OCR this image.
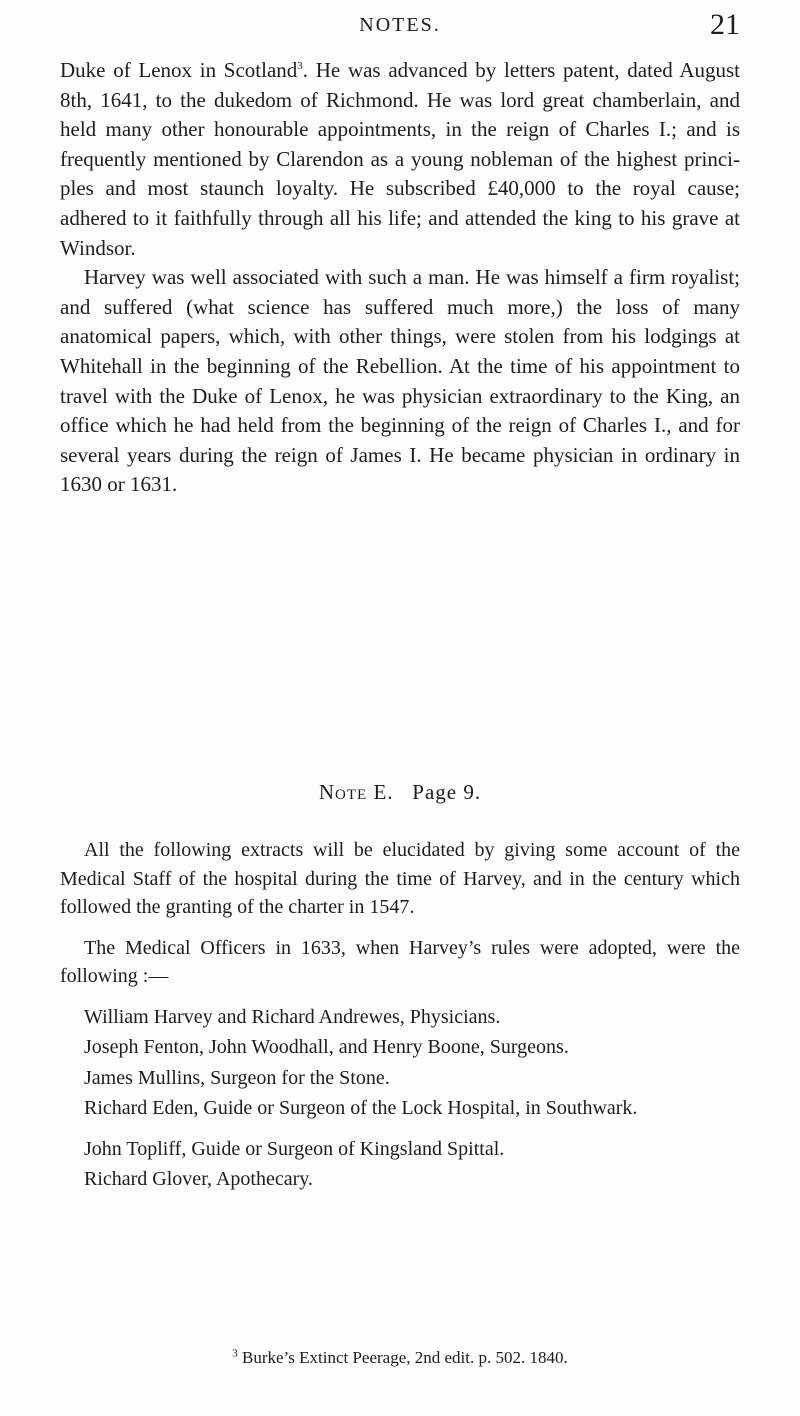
NOTES.	21

Duke of Lenox in Scotland$^3$. He was advanced by letters patent, dated August 8th, 1641, to the dukedom of Richmond. He was lord great chamberlain, and held many other honourable appointments, in the reign of Charles I.; and is frequently mentioned by Clarendon as a young nobleman of the highest principles and most staunch loyalty. He subscribed £40,000 to the royal cause; adhered to it faithfully through all his life; and attended the king to his grave at Windsor.

Harvey was well associated with such a man. He was himself a firm royalist; and suffered (what science has suffered much more,) the loss of many anatomical papers, which, with other things, were stolen from his lodgings at Whitehall in the beginning of the Rebellion. At the time of his appointment to travel with the Duke of Lenox, he was physician extraordinary to the King, an office which he had held from the beginning of the reign of Charles I., and for several years during the reign of James I. He became physician in ordinary in 1630 or 1631.

Note E. Page 9.

All the following extracts will be elucidated by giving some account of the Medical Staff of the hospital during the time of Harvey, and in the century which followed the granting of the charter in 1547.

The Medical Officers in 1633, when Harvey’s rules were adopted, were the following :—

William Harvey and Richard Andrewes, Physicians.

Joseph Fenton, John Woodhall, and Henry Boone, Surgeons.

James Mullins, Surgeon for the Stone.

Richard Eden, Guide or Surgeon of the Lock Hospital, in Southwark.

John Topliff, Guide or Surgeon of Kingsland Spittal.

Richard Glover, Apothecary.

$^3$ Burke’s Extinct Peerage, 2nd edit. p. 502. 1840.
